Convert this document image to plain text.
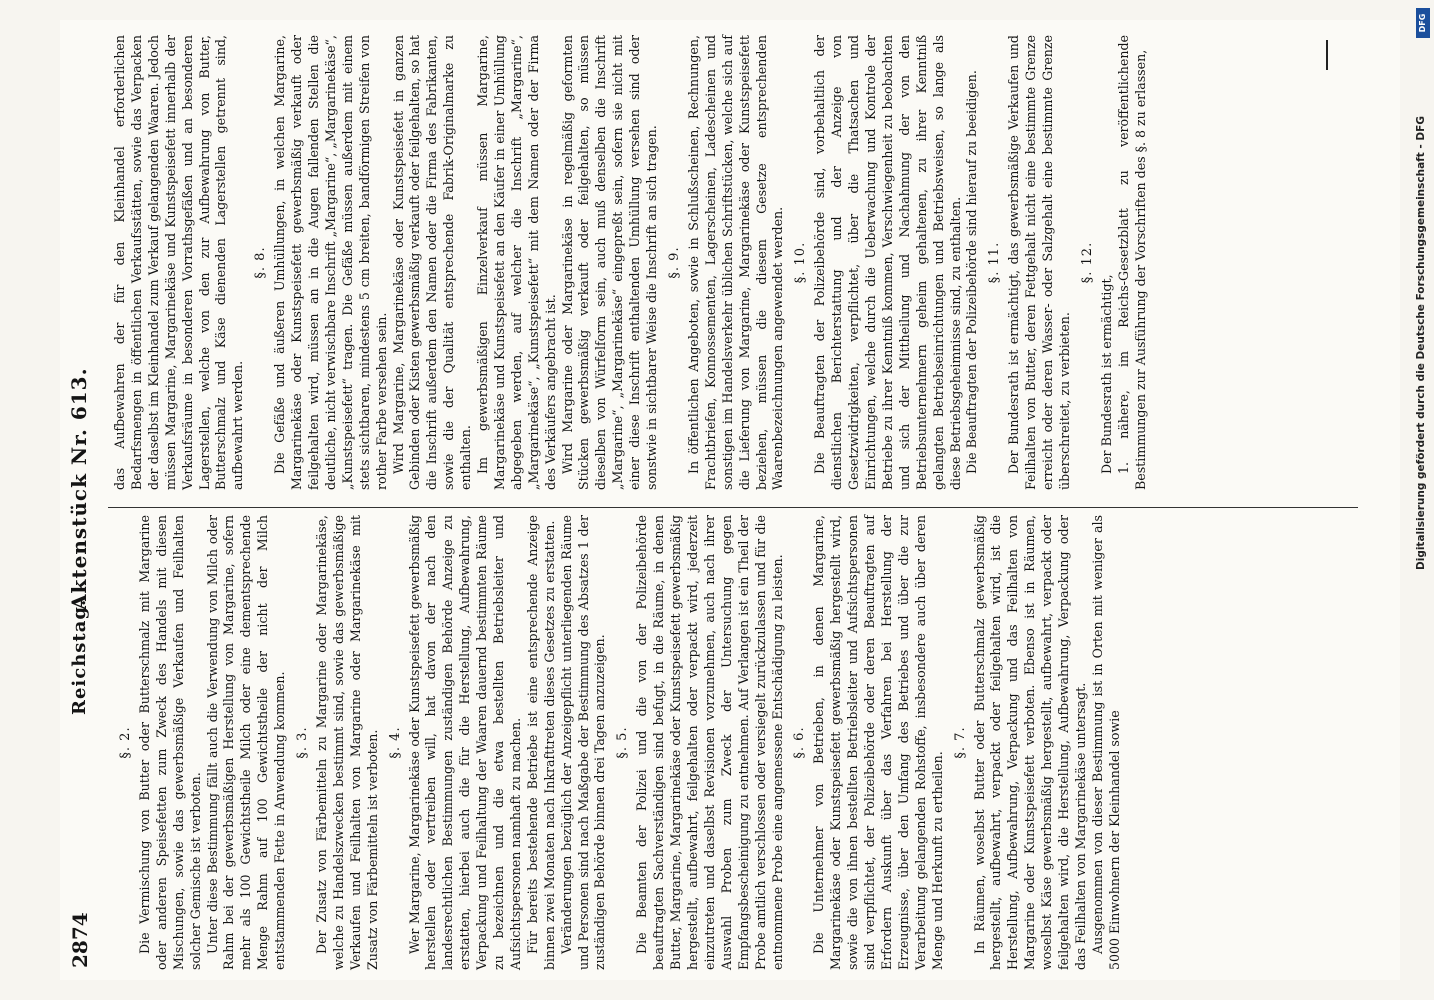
2874
Reichstag.
Aktenstück Nr. 613.
§. 2. Die Vermischung von Butter oder Butterschmalz mit Margarine oder anderen Speisefetten zum Zweck des Handels mit diesen Mischungen, sowie das gewerbsmäßige Verkaufen und Feilhalten solcher Gemische ist verboten. Unter diese Bestimmung fällt auch die Verwendung von Milch oder Rahm bei der gewerbsmäßigen Herstellung von Margarine, sofern mehr als 100 Gewichtstheile Milch oder eine dementsprechende Menge Rahm auf 100 Gewichtstheile der nicht der Milch entstammenden Fette in Anwendung kommen. §. 3. Der Zusatz von Färbemitteln zu Margarine oder Margarinekäse, welche zu Handelszwecken bestimmt sind, sowie das gewerbsmäßige Verkaufen und Feilhalten von Margarine oder Margarinekäse mit Zusatz von Färbemitteln ist verboten. §. 4. Wer Margarine, Margarinekäse oder Kunstspeisefett gewerbsmäßig herstellen oder vertreiben will, hat davon der nach den landesrechtlichen Bestimmungen zuständigen Behörde Anzeige zu erstatten, hierbei auch die für die Herstellung, Aufbewahrung, Verpackung und Feilhaltung der Waaren dauernd bestimmten Räume zu bezeichnen und die etwa bestellten Betriebsleiter und Aufsichtspersonen namhaft zu machen. Für bereits bestehende Betriebe ist eine entsprechende Anzeige binnen zwei Monaten nach Inkrafttreten dieses Gesetzes zu erstatten. Veränderungen bezüglich der Anzeigepflicht unterliegenden Räume und Personen sind nach Maßgabe der Bestimmung des Absatzes 1 der zuständigen Behörde binnen drei Tagen anzuzeigen. §. 5. Die Beamten der Polizei und die von der Polizeibehörde beauftragten Sachverständigen sind befugt, in die Räume, in denen Butter, Margarine, Margarinekäse oder Kunstspeisefett gewerbsmäßig hergestellt, aufbewahrt, feilgehalten oder verpackt wird, jederzeit einzutreten und daselbst Revisionen vorzunehmen, auch nach ihrer Auswahl Proben zum Zweck der Untersuchung gegen Empfangsbescheinigung zu entnehmen. Auf Verlangen ist ein Theil der Probe amtlich verschlossen oder versiegelt zurückzulassen und für die entnommene Probe eine angemessene Entschädigung zu leisten. §. 6. Die Unternehmer von Betrieben, in denen Margarine, Margarinekäse oder Kunstspeisefett gewerbsmäßig hergestellt wird, sowie die von ihnen bestellten Betriebsleiter und Aufsichtspersonen sind verpflichtet, der Polizeibehörde oder deren Beauftragten auf Erfordern Auskunft über das Verfahren bei Herstellung der Erzeugnisse, über den Umfang des Betriebes und über die zur Verarbeitung gelangenden Rohstoffe, insbesondere auch über deren Menge und Herkunft zu ertheilen.

§. 7. In Räumen, woselbst Butter oder Butterschmalz gewerbsmäßig hergestellt, aufbewahrt, verpackt oder feilgehalten wird, ist die Herstellung, Aufbewahrung, Verpackung und das Feilhalten von Margarine oder Kunstspeisefett verboten. Ebenso ist in Räumen, woselbst Käse gewerbsmäßig hergestellt, aufbewahrt, verpackt oder feilgehalten wird, die Herstellung, Aufbewahrung, Verpackung oder das Feilhalten von Margarinekäse untersagt. Ausgenommen von dieser Bestimmung ist in Orten mit weniger als 5000 Einwohnern der Kleinhandel sowie

das Aufbewahren der für den Kleinhandel erforderlichen Bedarfsmengen in öffentlichen Verkaufsstätten, sowie das Verpacken der daselbst im Kleinhandel zum Verkauf gelangenden Waaren. Jedoch müssen Margarine, Margarinekäse und Kunstspeisefett innerhalb der Verkaufsräume in besonderen Vorrathsgefäßen und an besonderen Lagerstellen, welche von den zur Aufbewahrung von Butter, Butterschmalz und Käse dienenden Lagerstellen getrennt sind, aufbewahrt werden.

§. 8. Die Gefäße und äußeren Umhüllungen, in welchen Margarine, Margarinekäse oder Kunstspeisefett gewerbsmäßig verkauft oder feilgehalten wird, müssen an in die Augen fallenden Stellen die deutliche, nicht verwischbare Inschrift „Margarine“, „Margarinekäse“, „Kunstspeisefett“ tragen. Die Gefäße müssen außerdem mit einem stets sichtbaren, mindestens 5 cm breiten, bandförmigen Streifen von rother Farbe versehen sein. Wird Margarine, Margarinekäse oder Kunstspeisefett in ganzen Gebinden oder Kisten gewerbsmäßig verkauft oder feilgehalten, so hat die Inschrift außerdem den Namen oder die Firma des Fabrikanten, sowie die der Qualität entsprechende Fabrik-Originalmarke zu enthalten. Im gewerbsmäßigen Einzelverkauf müssen Margarine, Margarinekäse und Kunstspeisefett an den Käufer in einer Umhüllung abgegeben werden, auf welcher die Inschrift „Margarine“, „Margarinekäse“, „Kunstspeisefett“ mit dem Namen oder der Firma des Verkäufers angebracht ist. Wird Margarine oder Margarinekäse in regelmäßig geformten Stücken gewerbsmäßig verkauft oder feilgehalten, so müssen dieselben von Würfelform sein, auch muß denselben die Inschrift „Margarine“, „Margarinekäse“ eingepreßt sein, sofern sie nicht mit einer diese Inschrift enthaltenden Umhüllung versehen sind oder sonstwie in sichtbarer Weise die Inschrift an sich tragen. §. 9. In öffentlichen Angeboten, sowie in Schlußscheinen, Rechnungen, Frachtbriefen, Konnossementen, Lagerscheinen, Ladescheinen und sonstigen im Handelsverkehr üblichen Schriftstücken, welche sich auf die Lieferung von Margarine, Margarinekäse oder Kunstspeisefett beziehen, müssen die diesem Gesetze entsprechenden Waarenbezeichnungen angewendet werden. §. 10. Die Beauftragten der Polizeibehörde sind, vorbehaltlich der dienstlichen Berichterstattung und der Anzeige von Gesetzwidrigkeiten, verpflichtet, über die Thatsachen und Einrichtungen, welche durch die Ueberwachung und Kontrole der Betriebe zu ihrer Kenntniß kommen, Verschwiegenheit zu beobachten und sich der Mittheilung und Nachahmung der von den Betriebsunternehmern geheim gehaltenen, zu ihrer Kenntniß gelangten Betriebseinrichtungen und Betriebsweisen, so lange als diese Betriebsgeheimnisse sind, zu enthalten. Die Beauftragten der Polizeibehörde sind hierauf zu beeidigen. §. 11. Der Bundesrath ist ermächtigt, das gewerbsmäßige Verkaufen und Feilhalten von Butter, deren Fettgehalt nicht eine bestimmte Grenze erreicht oder deren Wasser- oder Salzgehalt eine bestimmte Grenze überschreitet, zu verbieten.

§. 12.

Der Bundesrath ist ermächtigt, 1. nähere, im Reichs-Gesetzblatt zu veröffentlichende Bestimmungen zur Ausführung der Vorschriften des §. 8 zu erlassen,

DFG
Digitalisierung gefördert durch die Deutsche Forschungsgemeinschaft - DFG
